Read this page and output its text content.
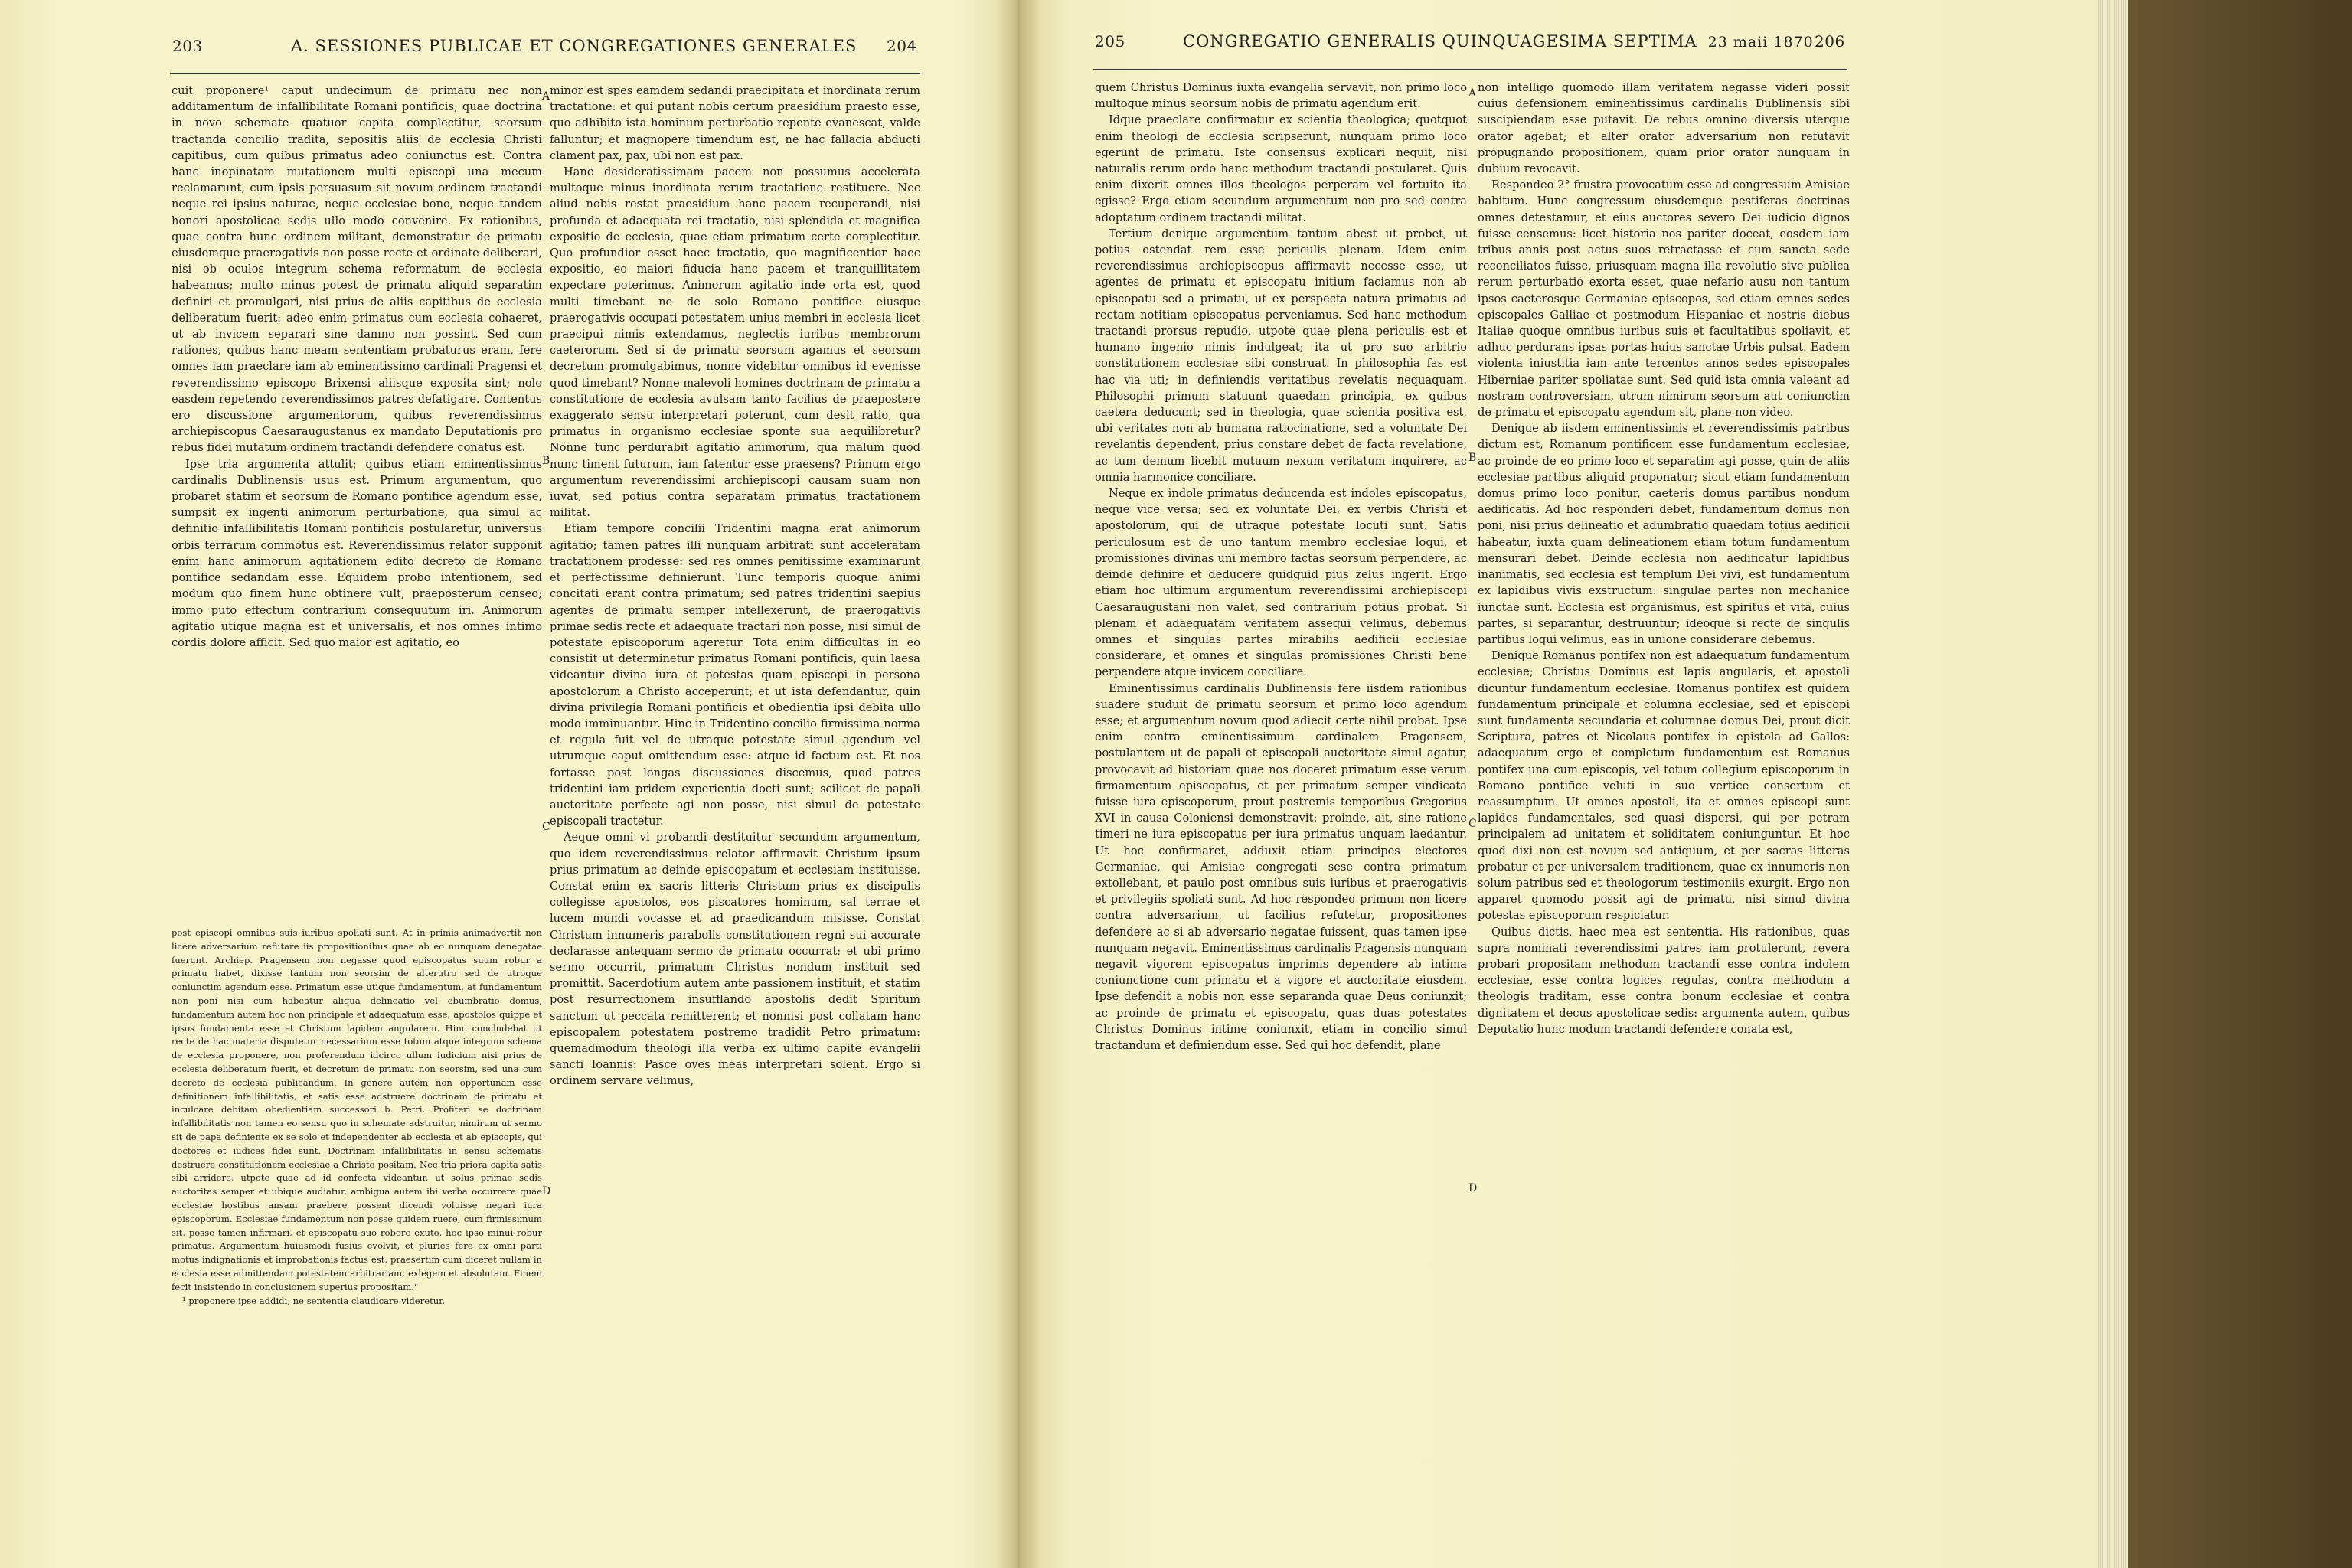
203	A. SESSIONES PUBLICAE ET CONGREGATIONES GENERALES 204

cuit proponere¹ caput undecimum de primatu nec non additamentum de infallibilitate Romani pontificis; quae doctrina in novo schemate quatuor capita complectitur, seorsum tractanda concilio tradita, sepositis aliis de ecclesia Christi capitibus, cum quibus primatus adeo coniunctus est. Contra hanc inopinatam mutationem multi episcopi una mecum reclamarunt, cum ipsis persuasum sit novum ordinem tractandi neque rei ipsius naturae, neque ecclesiae bono, neque tandem honori apostolicae sedis ullo modo convenire. Ex rationibus, quae contra hunc ordinem militant, demonstratur de primatu eiusdemque praerogativis non posse recte et ordinate deliberari, nisi ob oculos integrum schema reformatum de ecclesia habeamus; multo minus potest de primatu aliquid separatim definiri et promulgari, nisi prius de aliis capitibus de ecclesia deliberatum fuerit: adeo enim primatus cum ecclesia cohaeret, ut ab invicem separari sine damno non possint. Sed cum rationes, quibus hanc meam sententiam probaturus eram, fere omnes iam praeclare iam ab eminentissimo cardinali Pragensi et reverendissimo episcopo Brixensi aliisque exposita sint; nolo easdem repetendo reverendissimos patres defatigare. Contentus ero discussione argumentorum, quibus reverendissimus archiepiscopus Caesaraugustanus ex mandato Deputationis pro rebus fidei mutatum ordinem tractandi defendere conatus est.

Ipse tria argumenta attulit; quibus etiam eminentissimus cardinalis Dublinensis usus est. Primum argumentum, quo probaret statim et seorsum de Romano pontifice agendum esse, sumpsit ex ingenti animorum perturbatione, qua simul ac definitio infallibilitatis Romani pontificis postularetur, universus orbis terrarum commotus est. Reverendissimus relator supponit enim hanc animorum agitationem edito decreto de Romano pontifice sedandam esse. Equidem probo intentionem, sed modum quo finem hunc obtinere vult, praeposterum censeo; immo puto effectum contrarium consequutum iri. Animorum agitatio utique magna est et universalis, et nos omnes intimo cordis dolore afficit. Sed quo maior est agitatio, eo

post episcopi omnibus suis iuribus spoliati sunt. At in primis animadvertit non licere adversarium refutare iis propositionibus quae ab eo nunquam denegatae fuerunt. Archiep. Pragensem non negasse quod episcopatus suum robur a primatu habet, dixisse tantum non seorsim de alterutro sed de utroque coniunctim agendum esse. Primatum esse utique fundamentum, at fundamentum non poni nisi cum habeatur aliqua delineatio vel ebumbratio domus, fundamentum autem hoc non principale et adaequatum esse, apostolos quippe et ipsos fundamenta esse et Christum lapidem angularem. Hinc concludebat ut recte de hac materia disputetur necessarium esse totum atque integrum schema de ecclesia proponere, non proferendum idcirco ullum iudicium nisi prius de ecclesia deliberatum fuerit, et decretum de primatu non seorsim, sed una cum decreto de ecclesia publicandum. In genere autem non opportunam esse definitionem infallibilitatis, et satis esse adstruere doctrinam de primatu et inculcare debitam obedientiam successori b. Petri. Profiteri se doctrinam infallibilitatis non tamen eo sensu quo in schemate adstruitur, nimirum ut sermo sit de papa definiente ex se solo et independenter ab ecclesia et ab episcopis, qui doctores et iudices fidei sunt. Doctrinam infallibilitatis in sensu schematis destruere constitutionem ecclesiae a Christo positam. Nec tria priora capita satis sibi arridere, utpote quae ad id confecta videantur, ut solus primae sedis auctoritas semper et ubique audiatur, ambigua autem ibi verba occurrere quae ecclesiae hostibus ansam praebere possent dicendi voluisse negari iura episcoporum. Ecclesiae fundamentum non posse quidem ruere, cum firmissimum sit, posse tamen infirmari, et episcopatu suo robore exuto, hoc ipso minui robur primatus. Argumentum huiusmodi fusius evolvit, et pluries fere ex omni parti motus indignationis et improbationis factus est, praesertim cum diceret nullam in ecclesia esse admittendam potestatem arbitrariam, exlegem et absolutam. Finem fecit insistendo in conclusionem superius propositam."

¹ proponere ipse addidi, ne sententia claudicare videretur.

minor est spes eamdem sedandi praecipitata et inordinata rerum tractatione: et qui putant nobis certum praesidium praesto esse, quo adhibito ista hominum perturbatio repente evanescat, valde falluntur; et magnopere timendum est, ne hac fallacia abducti clament pax, pax, ubi non est pax.

Hanc desideratissimam pacem non possumus accelerata multoque minus inordinata rerum tractatione restituere. Nec aliud nobis restat praesidium hanc pacem recuperandi, nisi profunda et adaequata rei tractatio, nisi splendida et magnifica expositio de ecclesia, quae etiam primatum certe complectitur. Quo profundior esset haec tractatio, quo magnificentior haec expositio, eo maiori fiducia hanc pacem et tranquillitatem expectare poterimus. Animorum agitatio inde orta est, quod multi timebant ne de solo Romano pontifice eiusque praerogativis occupati potestatem unius membri in ecclesia licet praecipui nimis extendamus, neglectis iuribus membrorum caeterorum. Sed si de primatu seorsum agamus et seorsum decretum promulgabimus, nonne videbitur omnibus id evenisse quod timebant? Nonne malevoli homines doctrinam de primatu a constitutione de ecclesia avulsam tanto facilius de praepostere exaggerato sensu interpretari poterunt, cum desit ratio, qua primatus in organismo ecclesiae sponte sua aequilibretur? Nonne tunc perdurabit agitatio animorum, qua malum quod nunc timent futurum, iam fatentur esse praesens? Primum ergo argumentum reverendissimi archiepiscopi causam suam non iuvat, sed potius contra separatam primatus tractationem militat.

Etiam tempore concilii Tridentini magna erat animorum agitatio; tamen patres illi nunquam arbitrati sunt acceleratam tractationem prodesse: sed res omnes penitissime examinarunt et perfectissime definierunt. Tunc temporis quoque animi concitati erant contra primatum; sed patres tridentini saepius agentes de primatu semper intellexerunt, de praerogativis primae sedis recte et adaequate tractari non posse, nisi simul de potestate episcoporum ageretur. Tota enim difficultas in eo consistit ut determinetur primatus Romani pontificis, quin laesa videantur divina iura et potestas quam episcopi in persona apostolorum a Christo acceperunt; et ut ista defendantur, quin divina privilegia Romani pontificis et obedientia ipsi debita ullo modo imminuantur. Hinc in Tridentino concilio firmissima norma et regula fuit vel de utraque potestate simul agendum vel utrumque caput omittendum esse: atque id factum est. Et nos fortasse post longas discussiones discemus, quod patres tridentini iam pridem experientia docti sunt; scilicet de papali auctoritate perfecte agi non posse, nisi simul de potestate episcopali tractetur.

Aeque omni vi probandi destituitur secundum argumentum, quo idem reverendissimus relator affirmavit Christum ipsum prius primatum ac deinde episcopatum et ecclesiam instituisse. Constat enim ex sacris litteris Christum prius ex discipulis collegisse apostolos, eos piscatores hominum, sal terrae et lucem mundi vocasse et ad praedicandum misisse. Constat Christum innumeris parabolis constitutionem regni sui accurate declarasse antequam sermo de primatu occurrat; et ubi primo sermo occurrit, primatum Christus nondum instituit sed promittit. Sacerdotium autem ante passionem instituit, et statim post resurrectionem insufflando apostolis dedit Spiritum sanctum ut peccata remitterent; et nonnisi post collatam hanc episcopalem potestatem postremo tradidit Petro primatum: quemadmodum theologi illa verba ex ultimo capite evangelii sancti Ioannis: Pasce oves meas interpretari solent. Ergo si ordinem servare velimus,

A
B
C
D
205	CONGREGATIO GENERALIS QUINQUAGESIMA SEPTIMA 23 maii 1870 206

quem Christus Dominus iuxta evangelia servavit, non primo loco multoque minus seorsum nobis de primatu agendum erit.

Idque praeclare confirmatur ex scientia theologica; quotquot enim theologi de ecclesia scripserunt, nunquam primo loco egerunt de primatu. Iste consensus explicari nequit, nisi naturalis rerum ordo hanc methodum tractandi postularet. Quis enim dixerit omnes illos theologos perperam vel fortuito ita egisse? Ergo etiam secundum argumentum non pro sed contra adoptatum ordinem tractandi militat.

Tertium denique argumentum tantum abest ut probet, ut potius ostendat rem esse periculis plenam. Idem enim reverendissimus archiepiscopus affirmavit necesse esse, ut agentes de primatu et episcopatu initium faciamus non ab episcopatu sed a primatu, ut ex perspecta natura primatus ad rectam notitiam episcopatus perveniamus. Sed hanc methodum tractandi prorsus repudio, utpote quae plena periculis est et humano ingenio nimis indulgeat; ita ut pro suo arbitrio constitutionem ecclesiae sibi construat. In philosophia fas est hac via uti; in definiendis veritatibus revelatis nequaquam. Philosophi primum statuunt quaedam principia, ex quibus caetera deducunt; sed in theologia, quae scientia positiva est, ubi veritates non ab humana ratiocinatione, sed a voluntate Dei revelantis dependent, prius constare debet de facta revelatione, ac tum demum licebit mutuum nexum veritatum inquirere, ac omnia harmonice conciliare.

Neque ex indole primatus deducenda est indoles episcopatus, neque vice versa; sed ex voluntate Dei, ex verbis Christi et apostolorum, qui de utraque potestate locuti sunt. Satis periculosum est de uno tantum membro ecclesiae loqui, et promissiones divinas uni membro factas seorsum perpendere, ac deinde definire et deducere quidquid pius zelus ingerit. Ergo etiam hoc ultimum argumentum reverendissimi archiepiscopi Caesaraugustani non valet, sed contrarium potius probat. Si plenam et adaequatam veritatem assequi velimus, debemus omnes et singulas partes mirabilis aedificii ecclesiae considerare, et omnes et singulas promissiones Christi bene perpendere atque invicem conciliare.

Eminentissimus cardinalis Dublinensis fere iisdem rationibus suadere studuit de primatu seorsum et primo loco agendum esse; et argumentum novum quod adiecit certe nihil probat. Ipse enim contra eminentissimum cardinalem Pragensem, postulantem ut de papali et episcopali auctoritate simul agatur, provocavit ad historiam quae nos doceret primatum esse verum firmamentum episcopatus, et per primatum semper vindicata fuisse iura episcoporum, prout postremis temporibus Gregorius XVI in causa Coloniensi demonstravit: proinde, ait, sine ratione timeri ne iura episcopatus per iura primatus unquam laedantur. Ut hoc confirmaret, adduxit etiam principes electores Germaniae, qui Amisiae congregati sese contra primatum extollebant, et paulo post omnibus suis iuribus et praerogativis et privilegiis spoliati sunt. Ad hoc respondeo primum non licere contra adversarium, ut facilius refutetur, propositiones defendere ac si ab adversario negatae fuissent, quas tamen ipse nunquam negavit. Eminentissimus cardinalis Pragensis nunquam negavit vigorem episcopatus imprimis dependere ab intima coniunctione cum primatu et a vigore et auctoritate eiusdem. Ipse defendit a nobis non esse separanda quae Deus coniunxit; ac proinde de primatu et episcopatu, quas duas potestates Christus Dominus intime coniunxit, etiam in concilio simul tractandum et definiendum esse. Sed qui hoc defendit, plane

non intelligo quomodo illam veritatem negasse videri possit cuius defensionem eminentissimus cardinalis Dublinensis sibi suscipiendam esse putavit. De rebus omnino diversis uterque orator agebat; et alter orator adversarium non refutavit propugnando propositionem, quam prior orator nunquam in dubium revocavit.

Respondeo 2° frustra provocatum esse ad congressum Amisiae habitum. Hunc congressum eiusdemque pestiferas doctrinas omnes detestamur, et eius auctores severo Dei iudicio dignos fuisse censemus: licet historia nos pariter doceat, eosdem iam tribus annis post actus suos retractasse et cum sancta sede reconciliatos fuisse, priusquam magna illa revolutio sive publica rerum perturbatio exorta esset, quae nefario ausu non tantum ipsos caeterosque Germaniae episcopos, sed etiam omnes sedes episcopales Galliae et postmodum Hispaniae et nostris diebus Italiae quoque omnibus iuribus suis et facultatibus spoliavit, et adhuc perdurans ipsas portas huius sanctae Urbis pulsat. Eadem violenta iniustitia iam ante tercentos annos sedes episcopales Hiberniae pariter spoliatae sunt. Sed quid ista omnia valeant ad nostram controversiam, utrum nimirum seorsum aut coniunctim de primatu et episcopatu agendum sit, plane non video.

Denique ab iisdem eminentissimis et reverendissimis patribus dictum est, Romanum pontificem esse fundamentum ecclesiae, ac proinde de eo primo loco et separatim agi posse, quin de aliis ecclesiae partibus aliquid proponatur; sicut etiam fundamentum domus primo loco ponitur, caeteris domus partibus nondum aedificatis. Ad hoc responderi debet, fundamentum domus non poni, nisi prius delineatio et adumbratio quaedam totius aedificii habeatur, iuxta quam delineationem etiam totum fundamentum mensurari debet. Deinde ecclesia non aedificatur lapidibus inanimatis, sed ecclesia est templum Dei vivi, est fundamentum ex lapidibus vivis exstructum: singulae partes non mechanice iunctae sunt. Ecclesia est organismus, est spiritus et vita, cuius partes, si separantur, destruuntur; ideoque si recte de singulis partibus loqui velimus, eas in unione considerare debemus.

Denique Romanus pontifex non est adaequatum fundamentum ecclesiae; Christus Dominus est lapis angularis, et apostoli dicuntur fundamentum ecclesiae. Romanus pontifex est quidem fundamentum principale et columna ecclesiae, sed et episcopi sunt fundamenta secundaria et columnae domus Dei, prout dicit Scriptura, patres et Nicolaus pontifex in epistola ad Gallos: adaequatum ergo et completum fundamentum est Romanus pontifex una cum episcopis, vel totum collegium episcoporum in Romano pontifice veluti in suo vertice consertum et reassumptum. Ut omnes apostoli, ita et omnes episcopi sunt lapides fundamentales, sed quasi dispersi, qui per petram principalem ad unitatem et soliditatem coniunguntur. Et hoc quod dixi non est novum sed antiquum, et per sacras litteras probatur et per universalem traditionem, quae ex innumeris non solum patribus sed et theologorum testimoniis exurgit. Ergo non apparet quomodo possit agi de primatu, nisi simul divina potestas episcoporum respiciatur.

Quibus dictis, haec mea est sententia. His rationibus, quas supra nominati reverendissimi patres iam protulerunt, revera probari propositam methodum tractandi esse contra indolem ecclesiae, esse contra logices regulas, contra methodum a theologis traditam, esse contra bonum ecclesiae et contra dignitatem et decus apostolicae sedis: argumenta autem, quibus Deputatio hunc modum tractandi defendere conata est,

A
B
C
D
